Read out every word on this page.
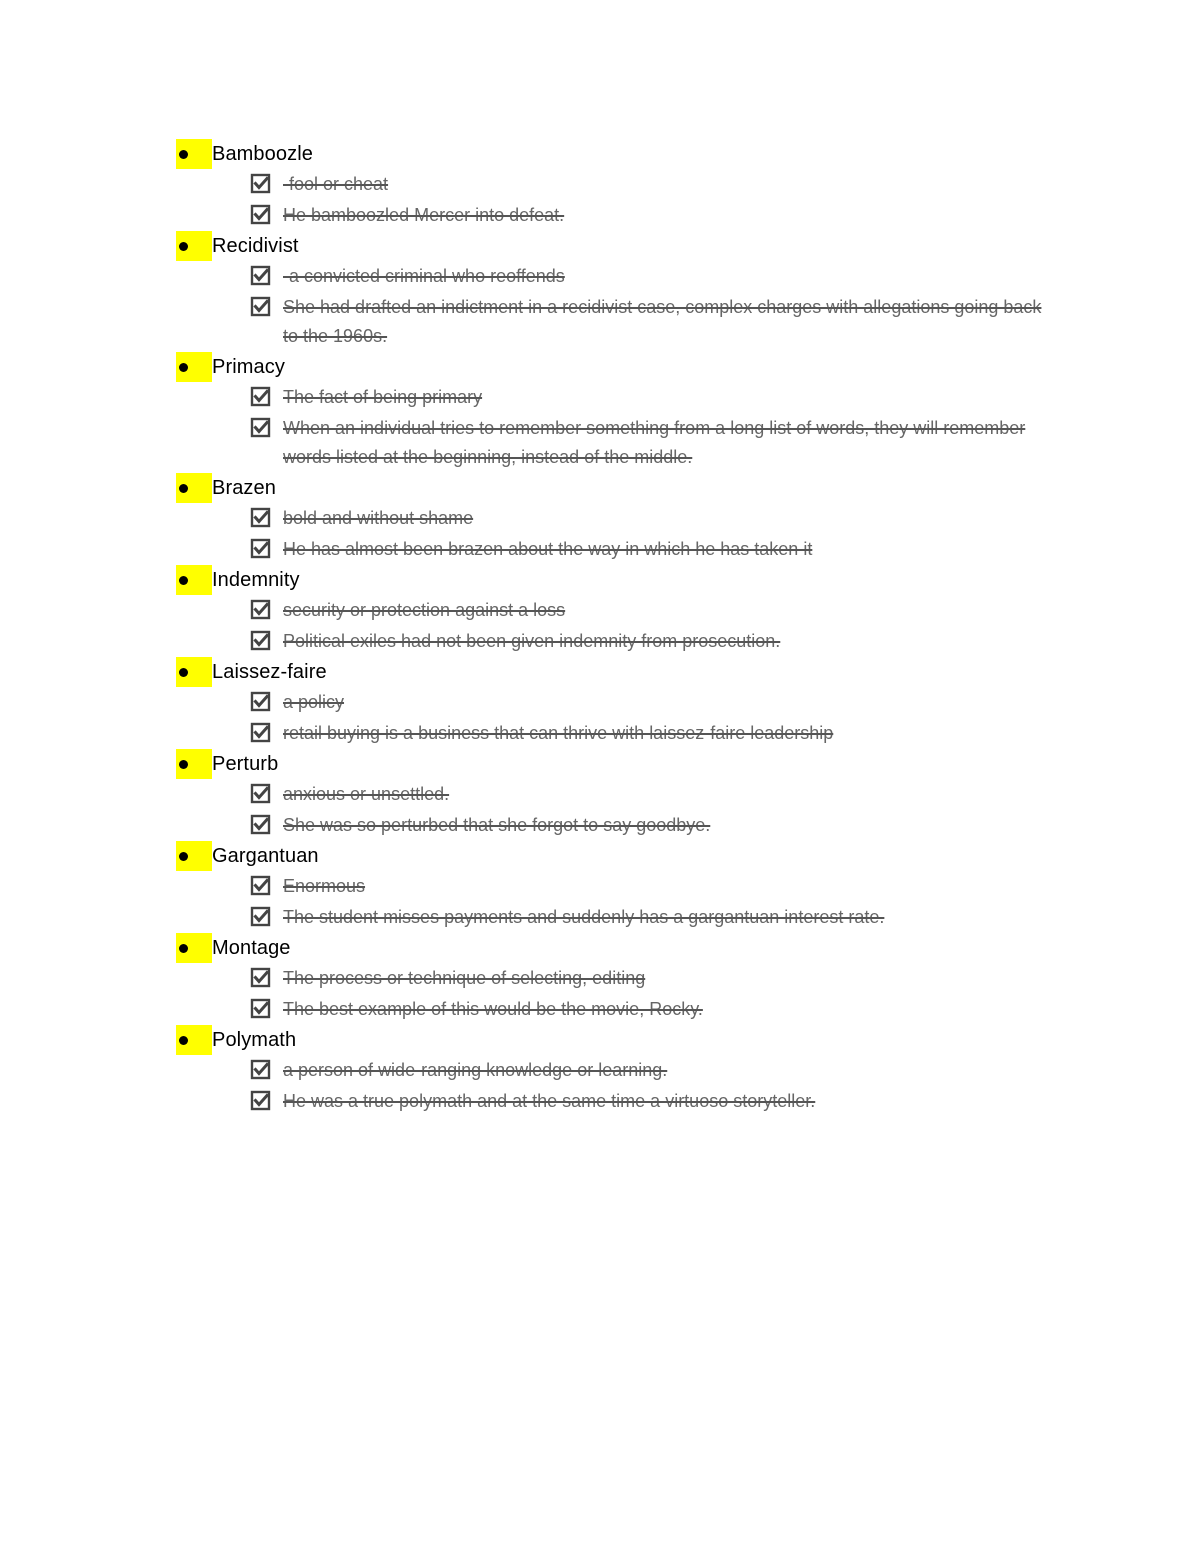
Bamboozle
-fool or cheat
He bamboozled Mercer into defeat.
Recidivist
-a convicted criminal who reoffends
She had drafted an indictment in a recidivist case, complex charges with allegations going back to the 1960s.
Primacy
The fact of being primary
When an individual tries to remember something from a long list of words, they will remember words listed at the beginning, instead of the middle.
Brazen
bold and without shame
He has almost been brazen about the way in which he has taken it
Indemnity
security or protection against a loss
Political exiles had not been given indemnity from prosecution.
Laissez-faire
a policy
retail buying is a business that can thrive with laissez-faire leadership
Perturb
anxious or unsettled.
She was so perturbed that she forgot to say goodbye.
Gargantuan
Enormous
The student misses payments and suddenly has a gargantuan interest rate.
Montage
The process or technique of selecting, editing
The best example of this would be the movie, Rocky.
Polymath
a person of wide-ranging knowledge or learning.
He was a true polymath and at the same time a virtuoso storyteller.
